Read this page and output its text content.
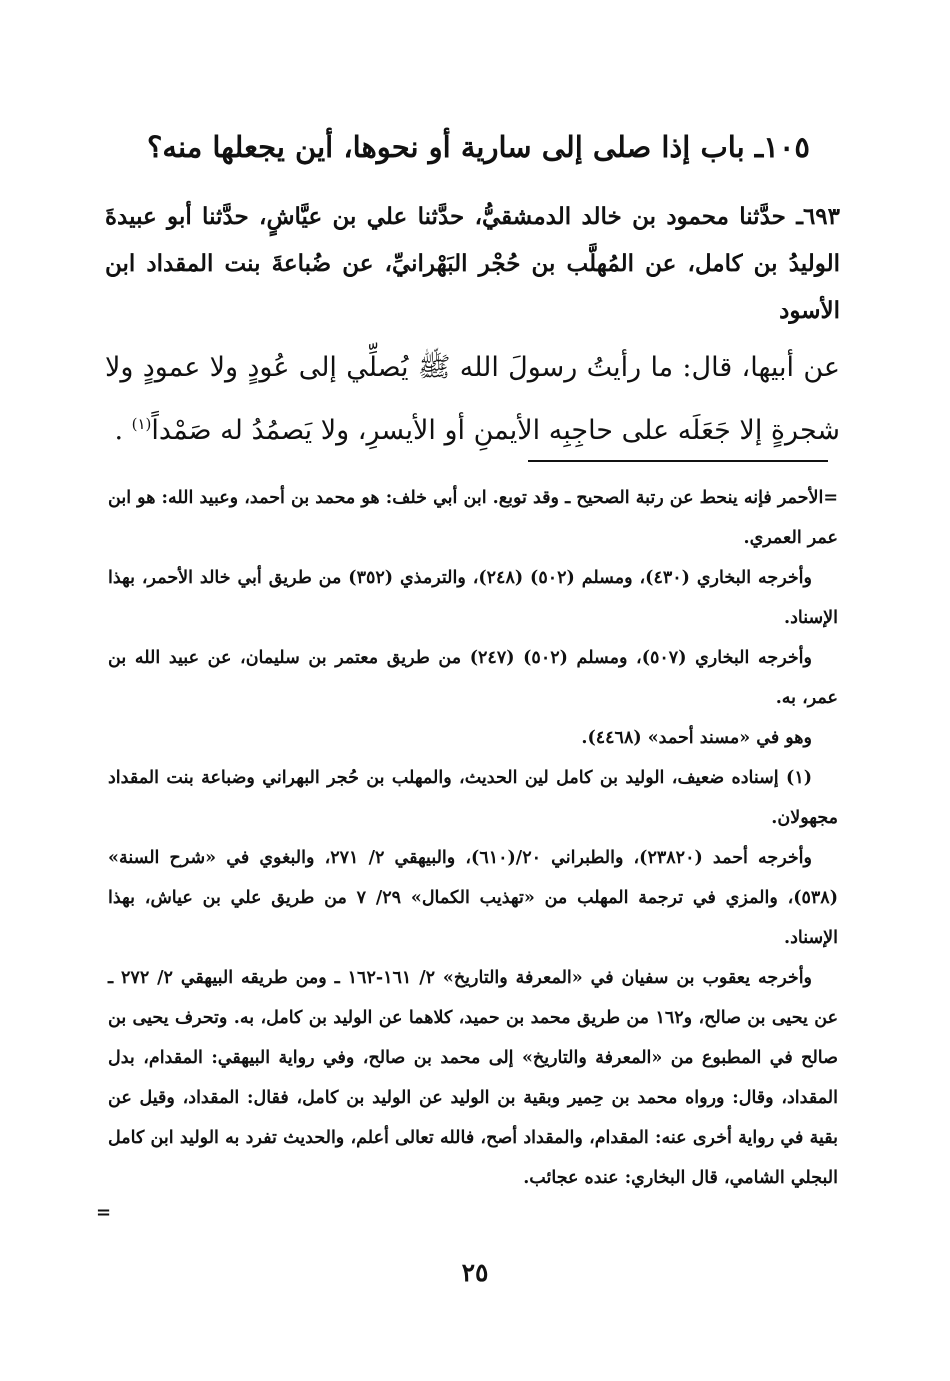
١٠٥ـ باب إذا صلى إلى سارية أو نحوها، أين يجعلها منه؟
٦٩٣ـ حدَّثنا محمود بن خالد الدمشقيُّ، حدَّثنا علي بن عيَّاشٍ، حدَّثنا أبو عبيدةَ الوليدُ بن كامل، عن المُهلَّب بن حُجْر البَهْرانيِّ، عن ضُباعةَ بنت المقداد ابن الأسود
عن أبيها، قال: ما رأيتُ رسولَ الله ﷺ يُصلِّي إلى عُودٍ ولا عمودٍ ولا شجرةٍ إلا جَعَلَه على حاجِبِه الأيمنِ أو الأيسرِ، ولا يَصمُدُ له صَمْداً$^{(١)}$ .

=الأحمر فإنه ينحط عن رتبة الصحيح ـ وقد توبع. ابن أبي خلف: هو محمد بن أحمد، وعبيد الله: هو ابن عمر العمري.

وأخرجه البخاري (٤٣٠)، ومسلم (٥٠٢) (٢٤٨)، والترمذي (٣٥٢) من طريق أبي خالد الأحمر، بهذا الإسناد.

وأخرجه البخاري (٥٠٧)، ومسلم (٥٠٢) (٢٤٧) من طريق معتمر بن سليمان، عن عبيد الله بن عمر، به.

وهو في «مسند أحمد» (٤٤٦٨).

(١) إسناده ضعيف، الوليد بن كامل لين الحديث، والمهلب بن حُجر البهراني وضباعة بنت المقداد مجهولان.

وأخرجه أحمد (٢٣٨٢٠)، والطبراني ٢٠/(٦١٠)، والبيهقي ٢/ ٢٧١، والبغوي في «شرح السنة» (٥٣٨)، والمزي في ترجمة المهلب من «تهذيب الكمال» ٢٩/ ٧ من طريق علي بن عياش، بهذا الإسناد.

وأخرجه يعقوب بن سفيان في «المعرفة والتاريخ» ٢/ ١٦١-١٦٢ ـ ومن طريقه البيهقي ٢/ ٢٧٢ ـ عن يحيى بن صالح، و١٦٢ من طريق محمد بن حميد، كلاهما عن الوليد بن كامل، به. وتحرف يحيى بن صالح في المطبوع من «المعرفة والتاريخ» إلى محمد بن صالح، وفي رواية البيهقي: المقدام، بدل المقداد، وقال: ورواه محمد بن حِمير وبقية بن الوليد عن الوليد بن كامل، فقال: المقداد، وقيل عن بقية في رواية أخرى عنه: المقدام، والمقداد أصح، فالله تعالى أعلم، والحديث تفرد به الوليد ابن كامل البجلي الشامي، قال البخاري: عنده عجائب.

=
٢٥
